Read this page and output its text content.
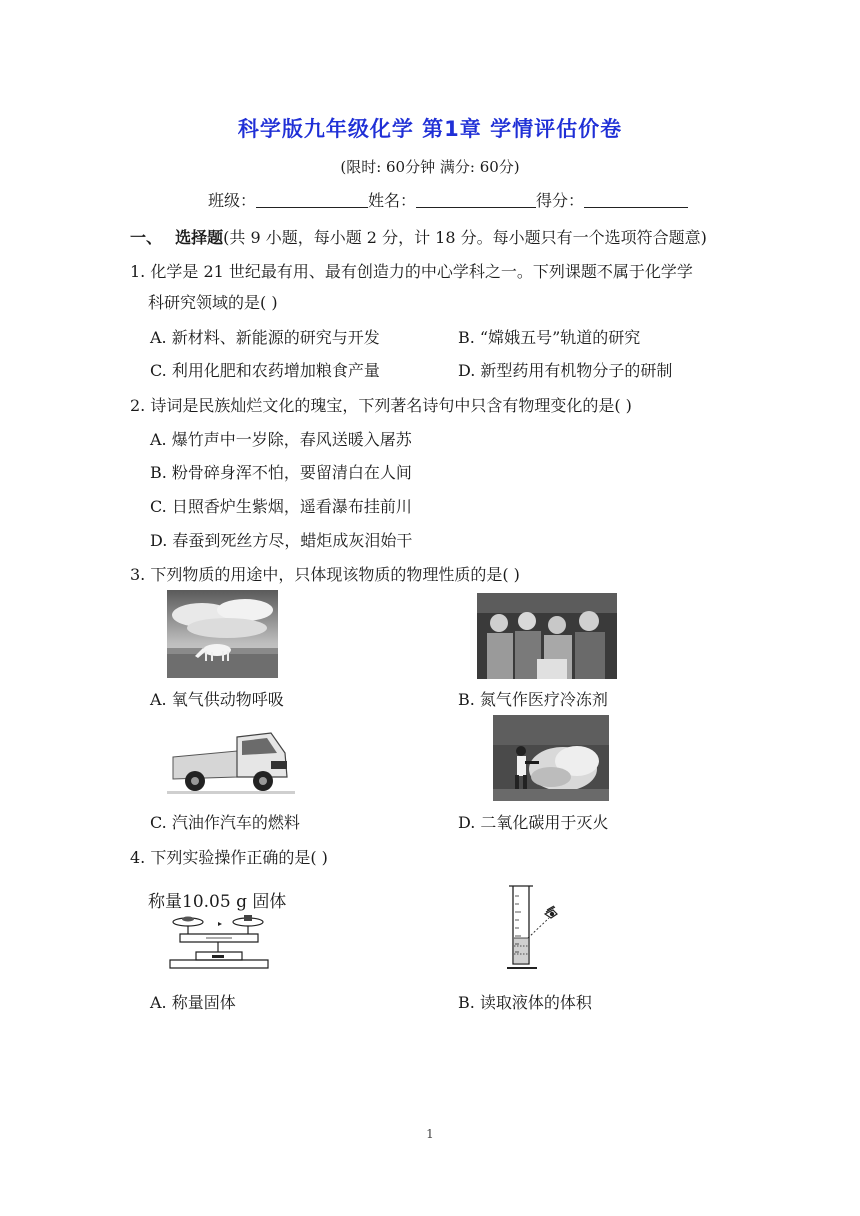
科学版九年级化学 第1章 学情评估价卷
(限时: 60分钟 满分: 60分)
班级：	姓名：	得分：
一、 选择题(共 9 小题，每小题 2 分，计 18 分。每小题只有一个选项符合题意)
1. 化学是 21 世纪最有用、最有创造力的中心学科之一。下列课题不属于化学学
科研究领域的是( )
A. 新材料、新能源的研究与开发	B. “嫦娥五号”轨道的研究
C. 利用化肥和农药增加粮食产量	D. 新型药用有机物分子的研制
2. 诗词是民族灿烂文化的瑰宝，下列著名诗句中只含有物理变化的是( )
A. 爆竹声中一岁除，春风送暖入屠苏
B. 粉骨碎身浑不怕，要留清白在人间
C. 日照香炉生紫烟，遥看瀑布挂前川
D. 春蚕到死丝方尽，蜡炬成灰泪始干
3. 下列物质的用途中，只体现该物质的物理性质的是( )
A. 氧气供动物呼吸	B. 氮气作医疗冷冻剂
C. 汽油作汽车的燃料	D. 二氧化碳用于灭火
4. 下列实验操作正确的是( )
称量10.05 g 固体
A. 称量固体	B. 读取液体的体积
1
